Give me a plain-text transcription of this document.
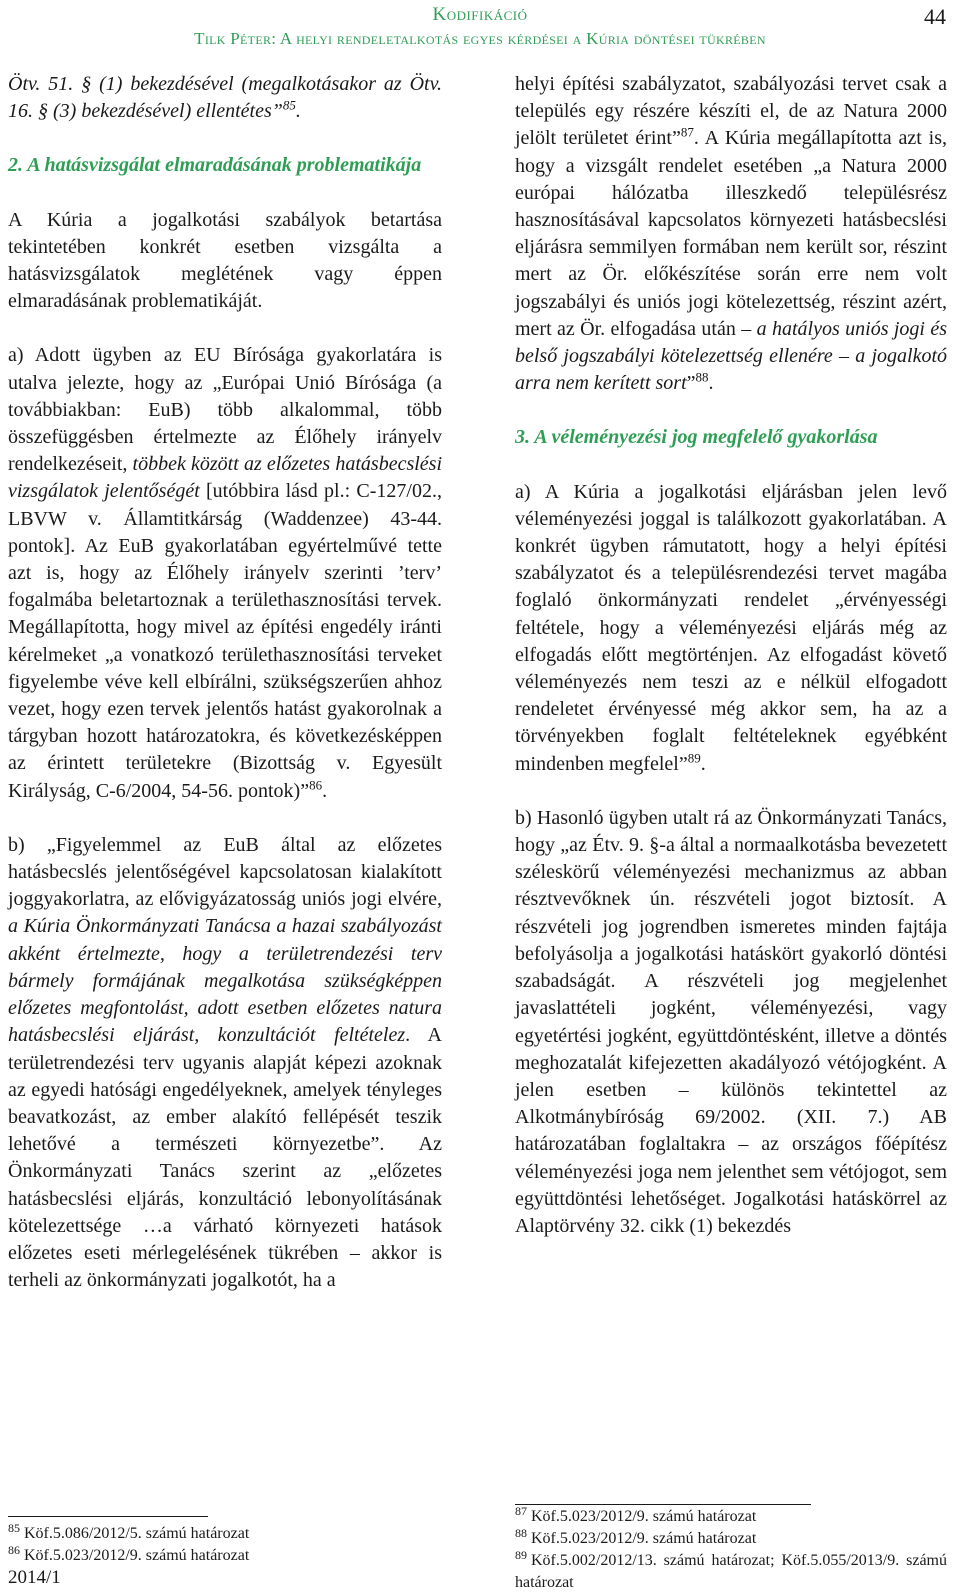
Kodifikáció
Tilk Péter: A helyi rendeletalkotás egyes kérdései a Kúria döntései tükrében
44

Ötv. 51. § (1) bekezdésével (megalkotásakor az Ötv. 16. § (3) bekezdésével) ellentétes”$^{85}$.

2. A hatásvizsgálat elmaradásának problematikája

A Kúria a jogalkotási szabályok betartása tekintetében konkrét esetben vizsgálta a hatásvizsgálatok meglétének vagy éppen elmaradásának problematikáját.

a) Adott ügyben az EU Bírósága gyakorlatára is utalva jelezte, hogy az „Európai Unió Bírósága (a továbbiakban: EuB) több alkalommal, több összefüggésben értelmezte az Élőhely irányelv rendelkezéseit, többek között az előzetes hatásbecslési vizsgálatok jelentőségét [utóbbira lásd pl.: C-127/02., LBVW v. Államtitkárság (Waddenzee) 43-44. pontok]. Az EuB gyakorlatában egyértelművé tette azt is, hogy az Élőhely irányelv szerinti ’terv’ fogalmába beletartoznak a területhasznosítási tervek. Megállapította, hogy mivel az építési engedély iránti kérelmeket „a vonatkozó területhasznosítási terveket figyelembe véve kell elbírálni, szükségszerűen ahhoz vezet, hogy ezen tervek jelentős hatást gyakorolnak a tárgyban hozott határozatokra, és következésképpen az érintett területekre (Bizottság v. Egyesült Királyság, C-6/2004, 54-56. pontok)”$^{86}$.

b) „Figyelemmel az EuB által az előzetes hatásbecslés jelentőségével kapcsolatosan kialakított joggyakorlatra, az elővigyázatosság uniós jogi elvére, a Kúria Önkormányzati Tanácsa a hazai szabályozást akként értelmezte, hogy a területrendezési terv bármely formájának megalkotása szükségképpen előzetes megfontolást, adott esetben előzetes natura hatásbecslési eljárást, konzultációt feltételez. A területrendezési terv ugyanis alapját képezi azoknak az egyedi hatósági engedélyeknek, amelyek tényleges beavatkozást, az ember alakító fellépését teszik lehetővé a természeti környezetbe”. Az Önkormányzati Tanács szerint az „előzetes hatásbecslési eljárás, konzultáció lebonyolításának kötelezettsége …a várható környezeti hatások előzetes eseti mérlegelésének tükrében – akkor is terheli az önkormányzati jogalkotót, ha a

helyi építési szabályzatot, szabályozási tervet csak a település egy részére készíti el, de az Natura 2000 jelölt területet érint”$^{87}$. A Kúria megállapította azt is, hogy a vizsgált rendelet esetében „a Natura 2000 európai hálózatba illeszkedő településrész hasznosításával kapcsolatos környezeti hatásbecslési eljárásra semmilyen formában nem került sor, részint mert az Ör. előkészítése során erre nem volt jogszabályi és uniós jogi kötelezettség, részint azért, mert az Ör. elfogadása után – a hatályos uniós jogi és belső jogszabályi kötelezettség ellenére – a jogalkotó arra nem kerített sort”$^{88}$.

3. A véleményezési jog megfelelő gyakorlása

a) A Kúria a jogalkotási eljárásban jelen levő véleményezési joggal is találkozott gyakorlatában. A konkrét ügyben rámutatott, hogy a helyi építési szabályzatot és a településrendezési tervet magába foglaló önkormányzati rendelet „érvényességi feltétele, hogy a véleményezési eljárás még az elfogadás előtt megtörténjen. Az elfogadást követő véleményezés nem teszi az e nélkül elfogadott rendeletet érvényessé még akkor sem, ha az a törvényekben foglalt feltételeknek egyébként mindenben megfelel”$^{89}$.

b) Hasonló ügyben utalt rá az Önkormányzati Tanács, hogy „az Étv. 9. §-a által a normaalkotásba bevezetett széleskörű véleményezési mechanizmus az abban résztvevőknek ún. részvételi jogot biztosít. A részvételi jog jogrendben ismeretes minden fajtája befolyásolja a jogalkotási hatáskört gyakorló döntési szabadságát. A részvételi jog megjelenhet javaslattételi jogként, véleményezési, vagy egyetértési jogként, együttdöntésként, illetve a döntés meghozatalát kifejezetten akadályozó vétójogként. A jelen esetben – különös tekintettel az Alkotmánybíróság 69/2002. (XII. 7.) AB határozatában foglaltakra – az országos főépítész véleményezési joga nem jelenthet sem vétójogot, sem együttdöntési lehetőséget. Jogalkotási hatáskörrel az Alaptörvény 32. cikk (1) bekezdés

$^{87}$ Köf.5.023/2012/9. számú határozat

$^{88}$ Köf.5.023/2012/9. számú határozat

$^{89}$ Köf.5.002/2012/13. számú határozat; Köf.5.055/2013/9. számú határozat

$^{85}$ Köf.5.086/2012/5. számú határozat

$^{86}$ Köf.5.023/2012/9. számú határozat

2014/1
